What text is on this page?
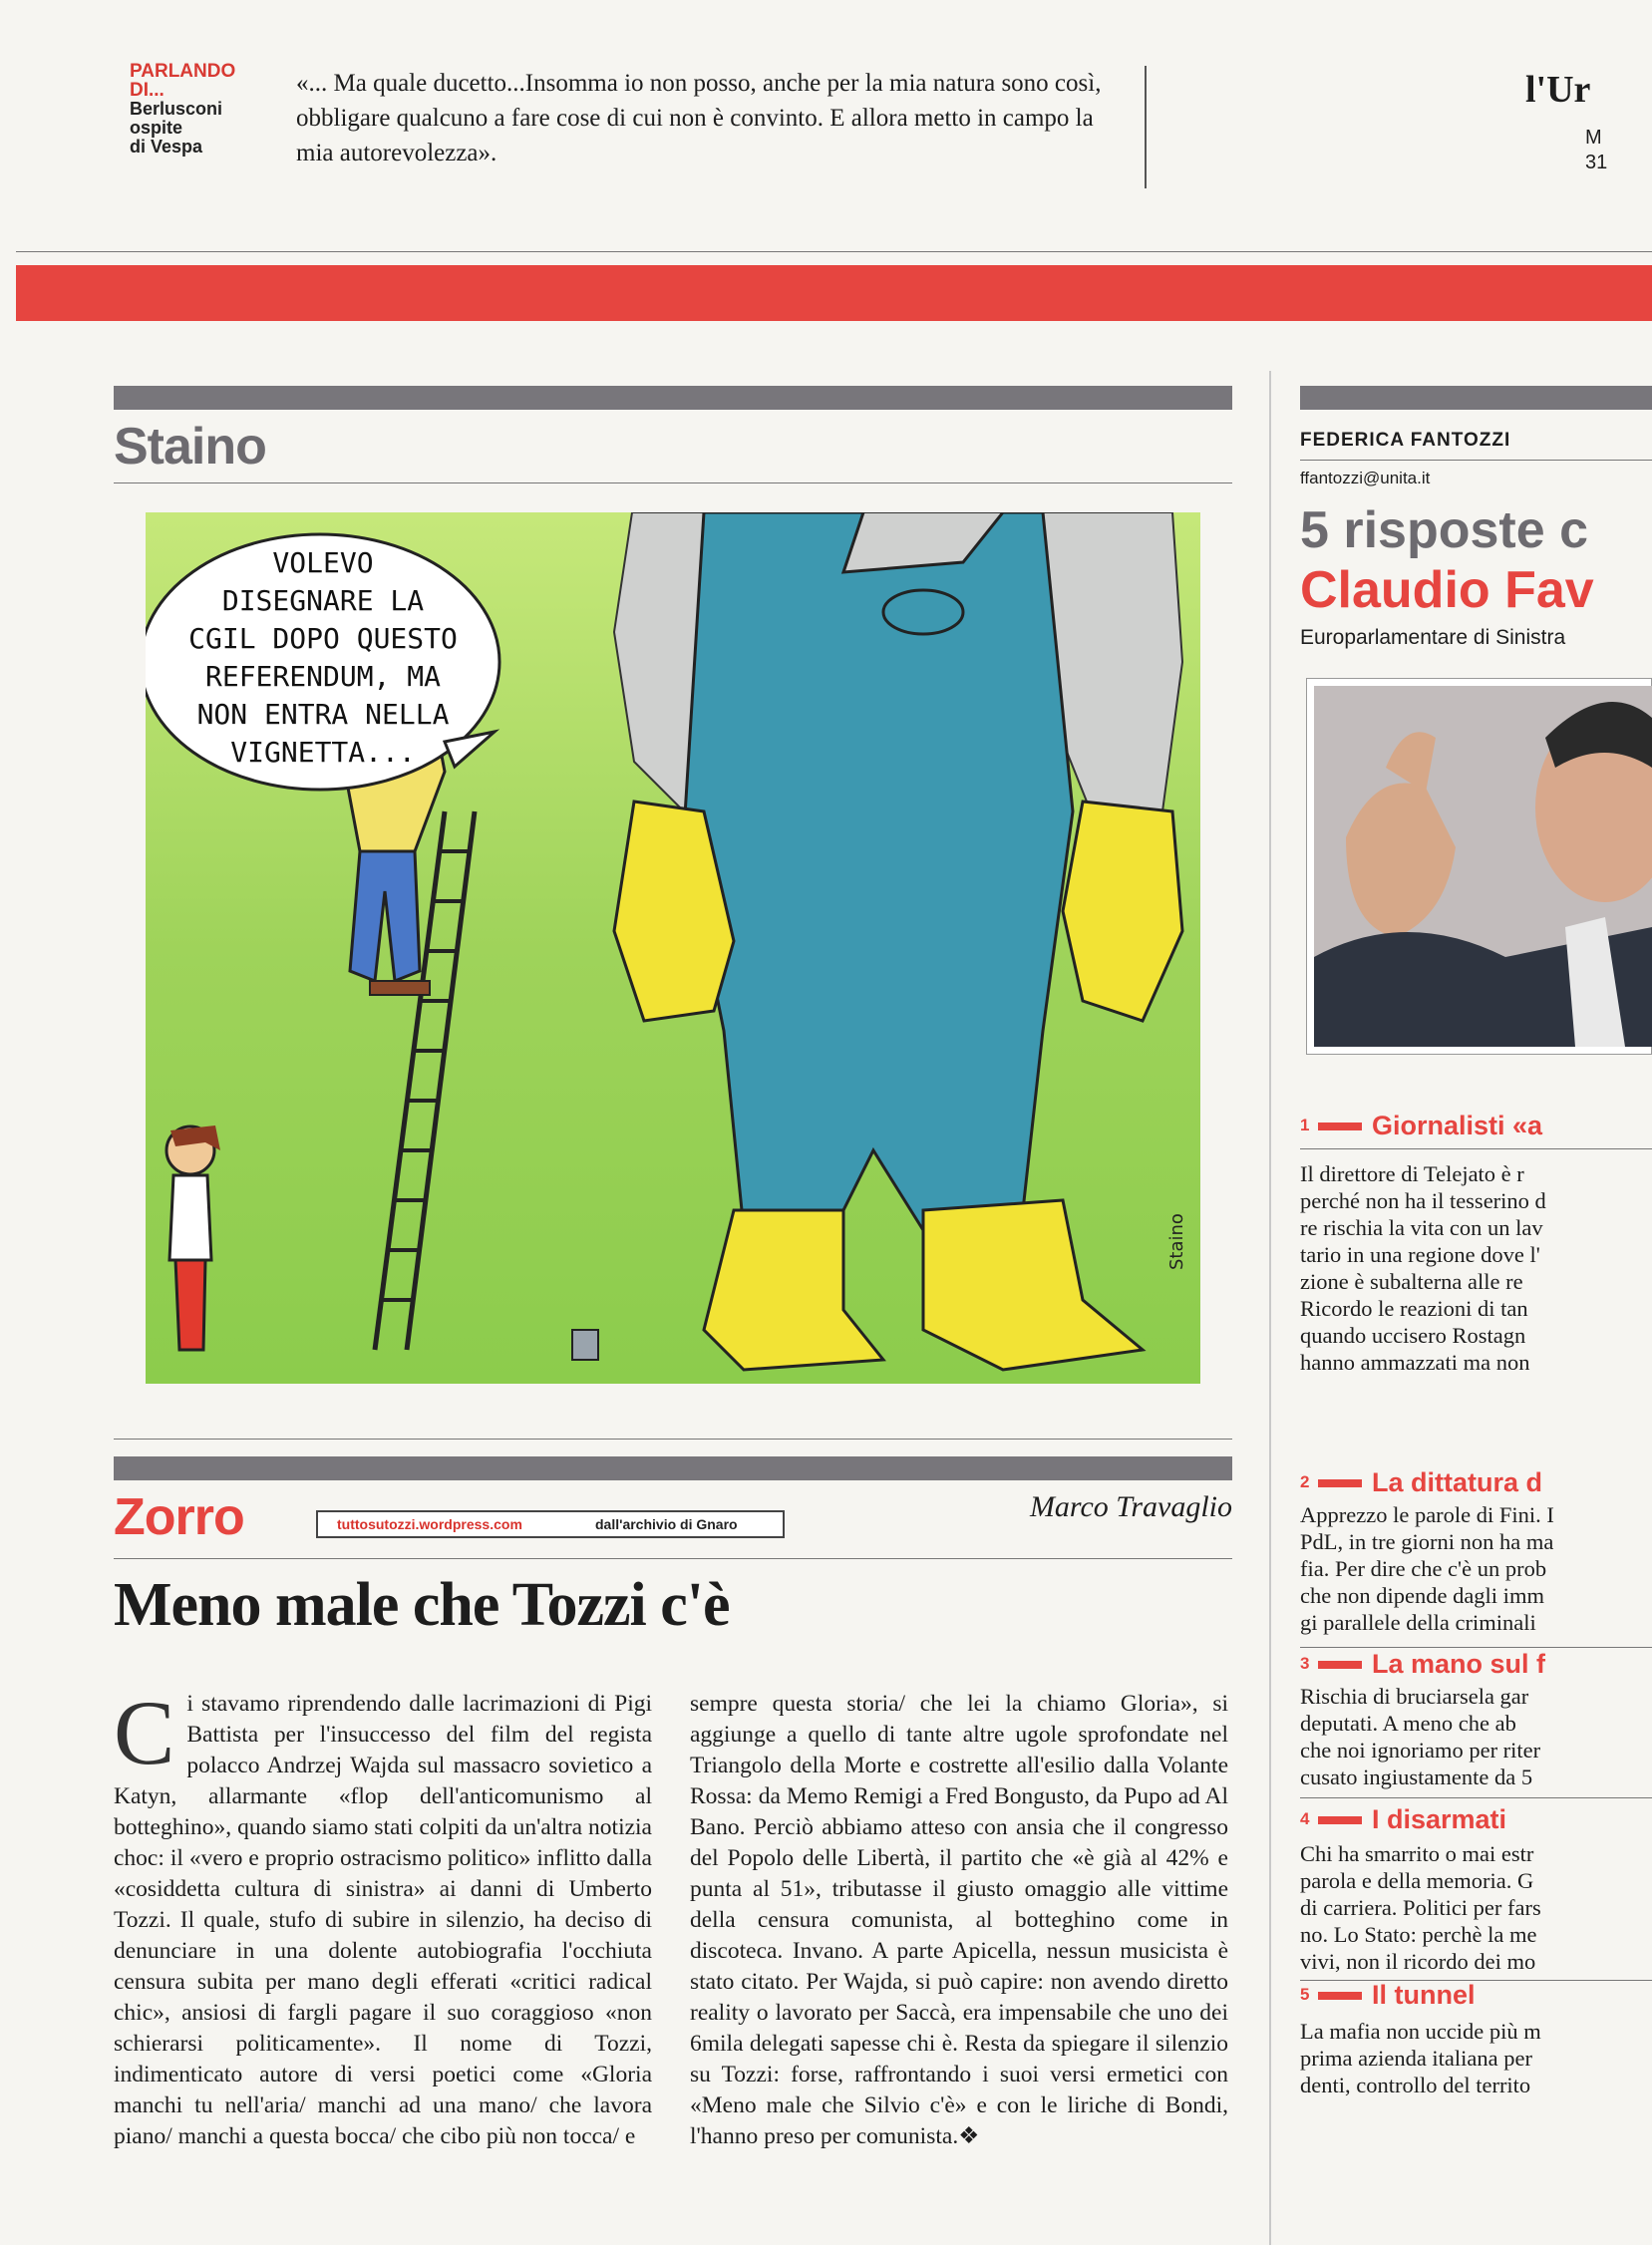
PARLANDO
DI...
Berlusconi
ospite
di Vespa
«... Ma quale ducetto...Insomma io non posso, anche per la mia natura sono così, obbligare qualcuno a fare cose di cui non è convinto. E allora metto in campo la mia autorevolezza».
l'Ur
M
31
Staino
VOLEVO
DISEGNARE LA
CGIL DOPO QUESTO
REFERENDUM, MA
NON ENTRA NELLA
VIGNETTA...
Staino
Zorro	tuttosutozzi.wordpress.com	dall'archivio di Gnaro
Marco Travaglio
Meno male che Tozzi c'è
C i stavamo riprendendo dalle lacrimazioni di Pigi Battista per l'insuccesso del film del regista polacco Andrzej Wajda sul massacro sovietico a Katyn, allarmante «flop dell'anticomunismo al botteghino», quando siamo stati colpiti da un'altra notizia choc: il «vero e proprio ostracismo politico» inflitto dalla «cosiddetta cultura di sinistra» ai danni di Umberto Tozzi. Il quale, stufo di subire in silenzio, ha deciso di denunciare in una dolente autobiografia l'occhiuta censura subita per mano degli efferati «critici radical chic», ansiosi di fargli pagare il suo coraggioso «non schierarsi politicamente». Il nome di Tozzi, indimenticato autore di versi poetici come «Gloria manchi tu nell'aria/ manchi ad una mano/ che lavora piano/ manchi a questa bocca/ che cibo più non tocca/ e

sempre questa storia/ che lei la chiamo Gloria», si aggiunge a quello di tante altre ugole sprofondate nel Triangolo della Morte e costrette all'esilio dalla Volante Rossa: da Memo Remigi a Fred Bongusto, da Pupo ad Al Bano. Perciò abbiamo atteso con ansia che il congresso del Popolo delle Libertà, il partito che «è già al 42% e punta al 51», tributasse il giusto omaggio alle vittime della censura comunista, al botteghino come in discoteca. Invano. A parte Apicella, nessun musicista è stato citato. Per Wajda, si può capire: non avendo diretto reality o lavorato per Saccà, era impensabile che uno dei 6mila delegati sapesse chi è. Resta da spiegare il silenzio su Tozzi: forse, raffrontando i suoi versi ermetici con «Meno male che Silvio c'è» e con le liriche di Bondi, l'hanno preso per comunista.❖

FEDERICA FANTOZZI
ffantozzi@unita.it
5 risposte c
Claudio Fav
Europarlamentare di Sinistra
1 Giornalisti «a
Il direttore di Telejato è r
perché non ha il tesserino d
re rischia la vita con un lav
tario in una regione dove l'
zione è subalterna alle re
Ricordo le reazioni di tan
quando uccisero Rostagn
hanno ammazzati ma non
2 La dittatura d
Apprezzo le parole di Fini. I
PdL, in tre giorni non ha ma
fia. Per dire che c'è un prob
che non dipende dagli imm
gi parallele della criminali
3 La mano sul f
Rischia di bruciarsela gar
deputati. A meno che ab
che noi ignoriamo per riter
cusato ingiustamente da 5
4 I disarmati
Chi ha smarrito o mai estr
parola e della memoria. G
di carriera. Politici per fars
no. Lo Stato: perchè la me
vivi, non il ricordo dei mo
5 Il tunnel
La mafia non uccide più m
prima azienda italiana per
denti, controllo del territo
